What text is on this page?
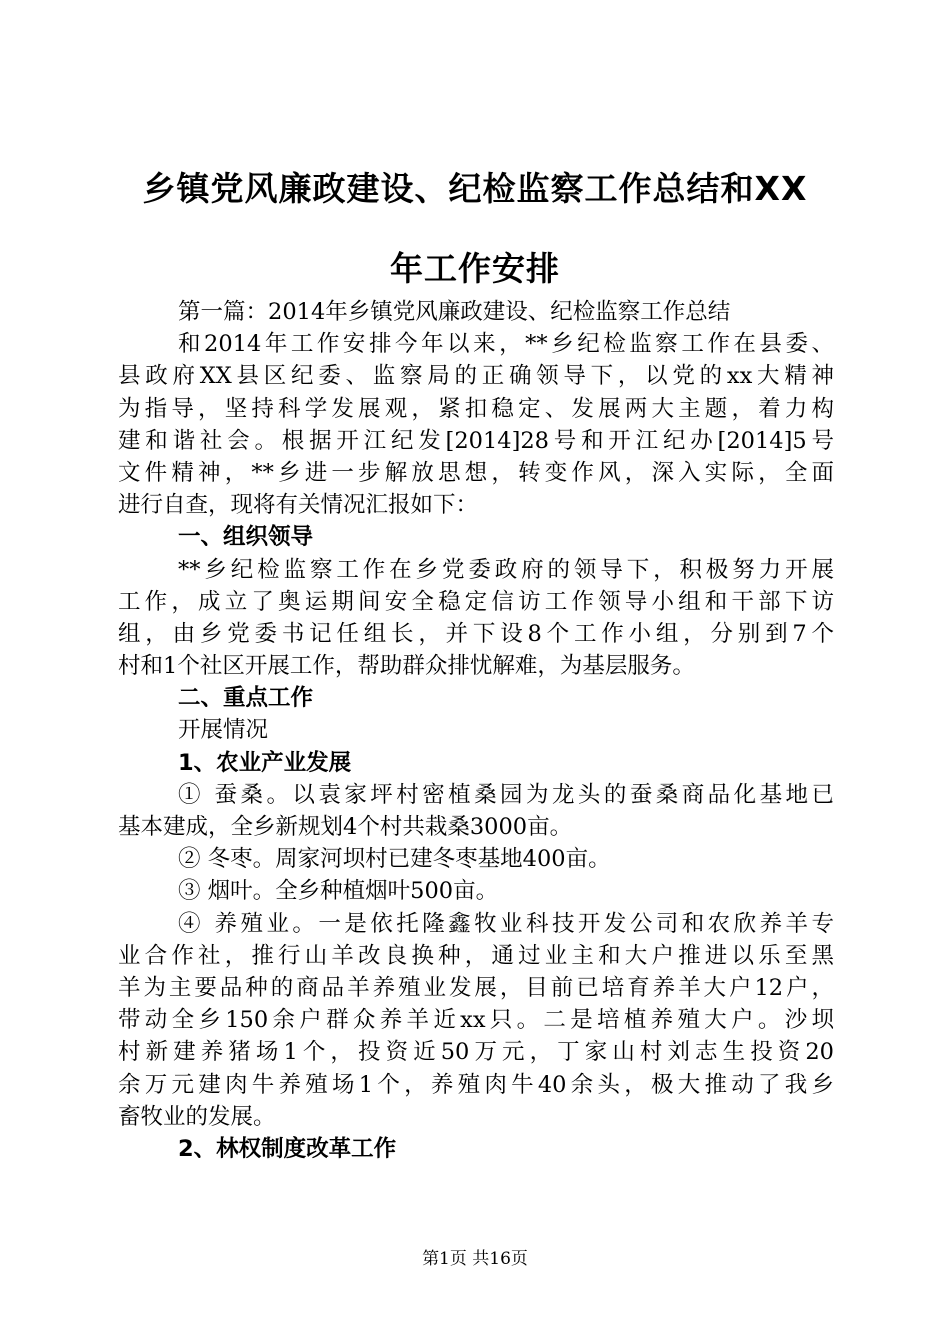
乡镇党风廉政建设、纪检监察工作总结和XX
年工作安排
第一篇：2014年乡镇党风廉政建设、纪检监察工作总结
和2014年工作安排今年以来，**乡纪检监察工作在县委、
县政府XX县区纪委、监察局的正确领导下，以党的xx大精神
为指导，坚持科学发展观，紧扣稳定、发展两大主题，着力构
建和谐社会。根据开江纪发[2014]28号和开江纪办[2014]5号
文件精神，**乡进一步解放思想，转变作风，深入实际，全面
进行自查，现将有关情况汇报如下：
一、组织领导
**乡纪检监察工作在乡党委政府的领导下，积极努力开展
工作，成立了奥运期间安全稳定信访工作领导小组和干部下访
组，由乡党委书记任组长，并下设8个工作小组，分别到7个
村和1个社区开展工作，帮助群众排忧解难，为基层服务。
二、重点工作
开展情况
1、农业产业发展
① 蚕桑。以袁家坪村密植桑园为龙头的蚕桑商品化基地已
基本建成，全乡新规划4个村共栽桑3000亩。
② 冬枣。周家河坝村已建冬枣基地400亩。
③ 烟叶。全乡种植烟叶500亩。
④ 养殖业。一是依托隆鑫牧业科技开发公司和农欣养羊专
业合作社，推行山羊改良换种，通过业主和大户推进以乐至黑
羊为主要品种的商品羊养殖业发展，目前已培育养羊大户12户，
带动全乡150余户群众养羊近xx只。二是培植养殖大户。沙坝
村新建养猪场1个，投资近50万元，丁家山村刘志生投资20
余万元建肉牛养殖场1个，养殖肉牛40余头，极大推动了我乡
畜牧业的发展。
2、林权制度改革工作
第1页 共16页
